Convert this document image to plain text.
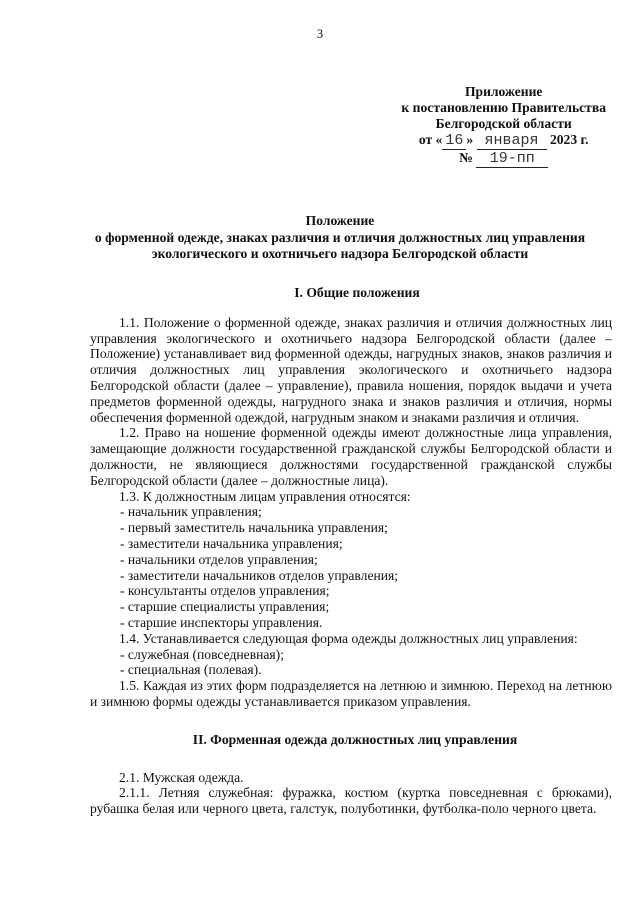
3
Приложение
к постановлению Правительства
Белгородской области
от « 16 » января 2023 г.
№ 19-пп
Положение
о форменной одежде, знаках различия и отличия должностных лиц управления
экологического и охотничьего надзора Белгородской области

I. Общие положения

1.1. Положение о форменной одежде, знаках различия и отличия должностных лиц управления экологического и охотничьего надзора Белгородской области (далее – Положение) устанавливает вид форменной одежды, нагрудных знаков, знаков различия и отличия должностных лиц управления экологического и охотничьего надзора Белгородской области (далее – управление), правила ношения, порядок выдачи и учета предметов форменной одежды, нагрудного знака и знаков различия и отличия, нормы обеспечения форменной одеждой, нагрудным знаком и знаками различия и отличия.

1.2. Право на ношение форменной одежды имеют должностные лица управления, замещающие должности государственной гражданской службы Белгородской области и должности, не являющиеся должностями государственной гражданской службы Белгородской области (далее – должностные лица).

1.3. К должностным лицам управления относятся:

- начальник управления;

- первый заместитель начальника управления;

- заместители начальника управления;

- начальники отделов управления;

- заместители начальников отделов управления;

- консультанты отделов управления;

- старшие специалисты управления;

- старшие инспекторы управления.

1.4. Устанавливается следующая форма одежды должностных лиц управления:

- служебная (повседневная);

- специальная (полевая).

1.5. Каждая из этих форм подразделяется на летнюю и зимнюю. Переход на летнюю и зимнюю формы одежды устанавливается приказом управления.

II. Форменная одежда должностных лиц управления

2.1. Мужская одежда.

2.1.1. Летняя служебная: фуражка, костюм (куртка повседневная с брюками), рубашка белая или черного цвета, галстук, полуботинки, футболка-поло черного цвета.
